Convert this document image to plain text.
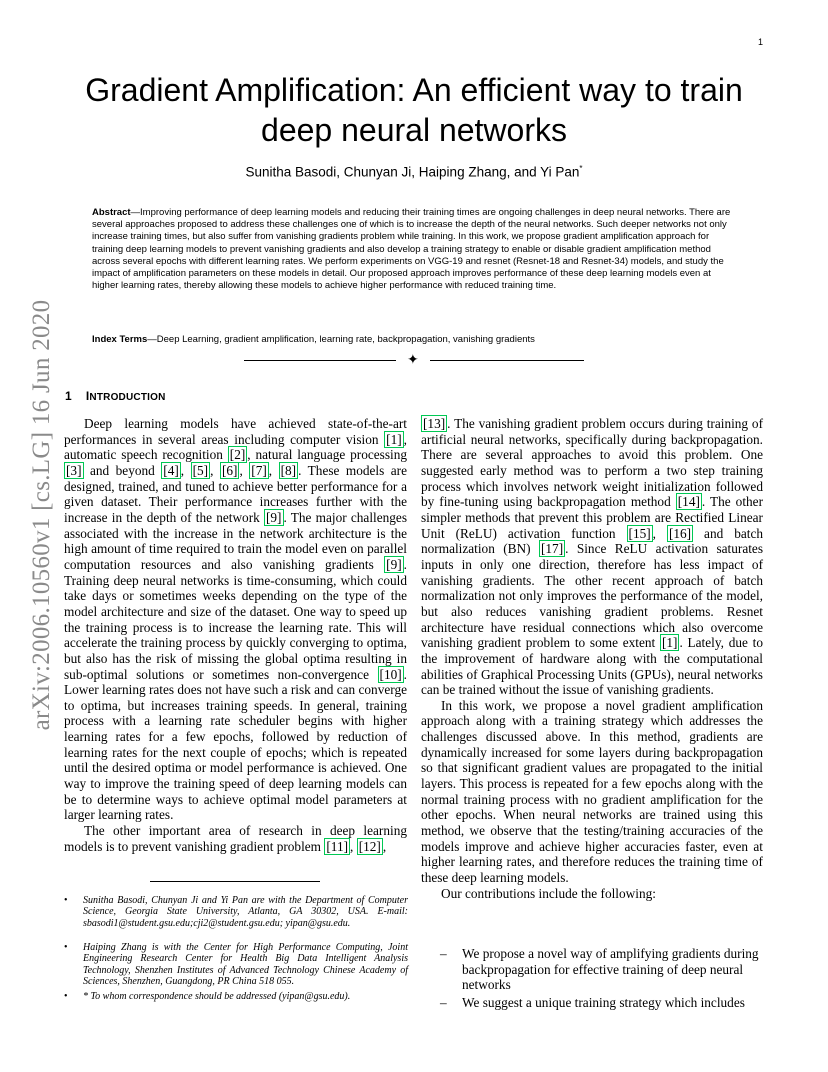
1
arXiv:2006.10560v1 [cs.LG] 16 Jun 2020
Gradient Amplification: An efficient way to train deep neural networks
Sunitha Basodi, Chunyan Ji, Haiping Zhang, and Yi Pan*
Abstract—Improving performance of deep learning models and reducing their training times are ongoing challenges in deep neural networks. There are several approaches proposed to address these challenges one of which is to increase the depth of the neural networks. Such deeper networks not only increase training times, but also suffer from vanishing gradients problem while training. In this work, we propose gradient amplification approach for training deep learning models to prevent vanishing gradients and also develop a training strategy to enable or disable gradient amplification method across several epochs with different learning rates. We perform experiments on VGG-19 and resnet (Resnet-18 and Resnet-34) models, and study the impact of amplification parameters on these models in detail. Our proposed approach improves performance of these deep learning models even at higher learning rates, thereby allowing these models to achieve higher performance with reduced training time.
Index Terms—Deep Learning, gradient amplification, learning rate, backpropagation, vanishing gradients
✦
1 INTRODUCTION

Deep learning models have achieved state-of-the-art performances in several areas including computer vision [1] , automatic speech recognition [2] , natural language processing [3] and beyond [4] , [5] , [6] , [7] , [8] . These models are designed, trained, and tuned to achieve better performance for a given dataset. Their performance increases further with the increase in the depth of the network [9] . The major challenges associated with the increase in the network architecture is the high amount of time required to train the model even on parallel computation resources and also vanishing gradients [9] . Training deep neural networks is time-consuming, which could take days or sometimes weeks depending on the type of the model architecture and size of the dataset. One way to speed up the training process is to increase the learning rate. This will accelerate the training process by quickly converging to optima, but also has the risk of missing the global optima resulting in sub-optimal solutions or sometimes non-convergence [10] . Lower learning rates does not have such a risk and can converge to optima, but increases training speeds. In general, training process with a learning rate scheduler begins with higher learning rates for a few epochs, followed by reduction of learning rates for the next couple of epochs; which is repeated until the desired optima or model performance is achieved. One way to improve the training speed of deep learning models can be to determine ways to achieve optimal model parameters at larger learning rates.

The other important area of research in deep learning models is to prevent vanishing gradient problem [11] , [12] ,

• Sunitha Basodi, Chunyan Ji and Yi Pan are with the Department of Computer Science, Georgia State University, Atlanta, GA 30302, USA. E-mail: sbasodi1@student.gsu.edu;cji2@student.gsu.edu; yipan@gsu.edu.
• Haiping Zhang is with the Center for High Performance Computing, Joint Engineering Research Center for Health Big Data Intelligent Analysis Technology, Shenzhen Institutes of Advanced Technology Chinese Academy of Sciences, Shenzhen, Guangdong, PR China 518 055.
• * To whom correspondence should be addressed (yipan@gsu.edu).

[13] . The vanishing gradient problem occurs during training of artificial neural networks, specifically during backpropagation. There are several approaches to avoid this problem. One suggested early method was to perform a two step training process which involves network weight initialization followed by fine-tuning using backpropagation method [14] . The other simpler methods that prevent this problem are Rectified Linear Unit (ReLU) activation function [15] , [16] and batch normalization (BN) [17] . Since ReLU activation saturates inputs in only one direction, therefore has less impact of vanishing gradients. The other recent approach of batch normalization not only improves the performance of the model, but also reduces vanishing gradient problems. Resnet architecture have residual connections which also overcome vanishing gradient problem to some extent [1] . Lately, due to the improvement of hardware along with the computational abilities of Graphical Processing Units (GPUs), neural networks can be trained without the issue of vanishing gradients.

In this work, we propose a novel gradient amplification approach along with a training strategy which addresses the challenges discussed above. In this method, gradients are dynamically increased for some layers during backpropagation so that significant gradient values are propagated to the initial layers. This process is repeated for a few epochs along with the normal training process with no gradient amplification for the other epochs. When neural networks are trained using this method, we observe that the testing/training accuracies of the models improve and achieve higher accuracies faster, even at higher learning rates, and therefore reduces the training time of these deep learning models.

Our contributions include the following:

– We propose a novel way of amplifying gradients during backpropagation for effective training of deep neural networks
– We suggest a unique training strategy which includes
